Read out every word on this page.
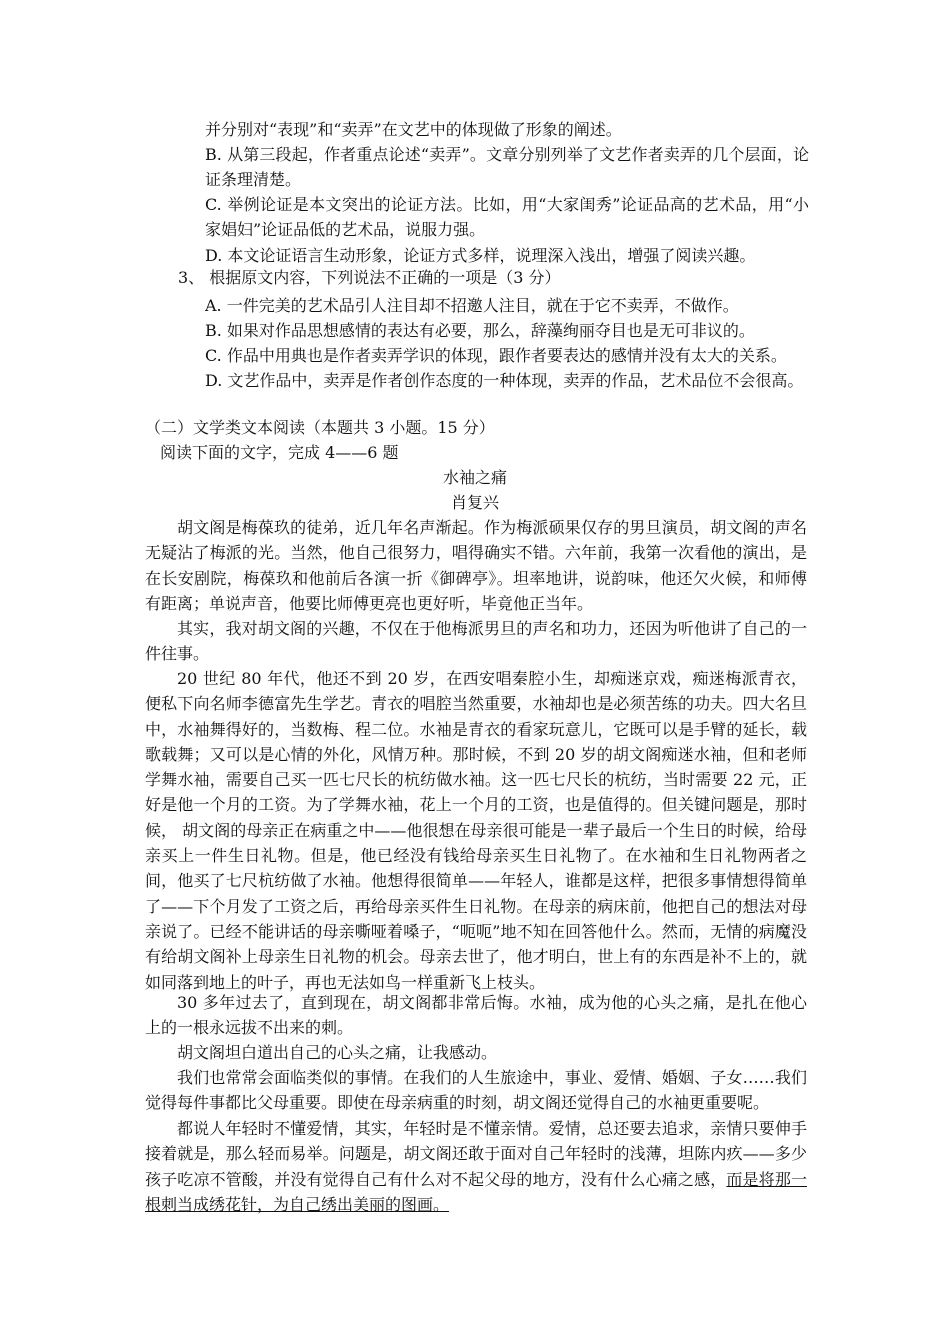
并分别对“表现”和“卖弄”在文艺中的体现做了形象的阐述。
B. 从第三段起，作者重点论述“卖弄”。文章分别列举了文艺作者卖弄的几个层面，论证条理清楚。
C. 举例论证是本文突出的论证方法。比如，用“大家闺秀”论证品高的艺术品，用“小家娼妇”论证品低的艺术品，说服力强。
D. 本文论证语言生动形象，论证方式多样，说理深入浅出，增强了阅读兴趣。
3、 根据原文内容，下列说法不正确的一项是（3 分）
A. 一件完美的艺术品引人注目却不招邀人注目，就在于它不卖弄，不做作。
B. 如果对作品思想感情的表达有必要，那么，辞藻绚丽夺目也是无可非议的。
C. 作品中用典也是作者卖弄学识的体现，跟作者要表达的感情并没有太大的关系。
D. 文艺作品中，卖弄是作者创作态度的一种体现，卖弄的作品，艺术品位不会很高。
（二）文学类文本阅读（本题共 3 小题。15 分）
阅读下面的文字，完成 4——6 题
水袖之痛
肖复兴
胡文阁是梅葆玖的徒弟，近几年名声渐起。作为梅派硕果仅存的男旦演员，胡文阁的声名无疑沾了梅派的光。当然，他自己很努力，唱得确实不错。六年前，我第一次看他的演出，是在长安剧院，梅葆玖和他前后各演一折《御碑亭》。坦率地讲，说韵味，他还欠火候，和师傅有距离；单说声音，他要比师傅更亮也更好听，毕竟他正当年。
其实，我对胡文阁的兴趣，不仅在于他梅派男旦的声名和功力，还因为听他讲了自己的一件往事。
20 世纪 80 年代，他还不到 20 岁，在西安唱秦腔小生，却痴迷京戏，痴迷梅派青衣，便私下向名师李德富先生学艺。青衣的唱腔当然重要，水袖却也是必须苦练的功夫。四大名旦中，水袖舞得好的，当数梅、程二位。水袖是青衣的看家玩意儿，它既可以是手臂的延长，载歌载舞；又可以是心情的外化，风情万种。那时候，不到 20 岁的胡文阁痴迷水袖，但和老师学舞水袖，需要自己买一匹七尺长的杭纺做水袖。这一匹七尺长的杭纺，当时需要 22 元，正好是他一个月的工资。为了学舞水袖，花上一个月的工资，也是值得的。但关键问题是，那时候， 胡文阁的母亲正在病重之中——他很想在母亲很可能是一辈子最后一个生日的时候，给母亲买上一件生日礼物。但是，他已经没有钱给母亲买生日礼物了。在水袖和生日礼物两者之间，他买了七尺杭纺做了水袖。他想得很简单——年轻人，谁都是这样，把很多事情想得简单了——下个月发了工资之后，再给母亲买件生日礼物。在母亲的病床前，他把自己的想法对母亲说了。已经不能讲话的母亲嘶哑着嗓子，“呃呃”地不知在回答他什么。然而，无情的病魔没有给胡文阁补上母亲生日礼物的机会。母亲去世了，他才明白，世上有的东西是补不上的，就如同落到地上的叶子，再也无法如鸟一样重新飞上枝头。
30 多年过去了，直到现在，胡文阁都非常后悔。水袖，成为他的心头之痛，是扎在他心上的一根永远拔不出来的刺。
胡文阁坦白道出自己的心头之痛，让我感动。
我们也常常会面临类似的事情。在我们的人生旅途中，事业、爱情、婚姻、子女……我们觉得每件事都比父母重要。即使在母亲病重的时刻，胡文阁还觉得自己的水袖更重要呢。
都说人年轻时不懂爱情，其实，年轻时是不懂亲情。爱情，总还要去追求，亲情只要伸手接着就是，那么轻而易举。问题是，胡文阁还敢于面对自己年轻时的浅薄，坦陈内疚——多少孩子吃凉不管酸，并没有觉得自己有什么对不起父母的地方，没有什么心痛之感，而是将那一根刺当成绣花针，为自己绣出美丽的图画。
